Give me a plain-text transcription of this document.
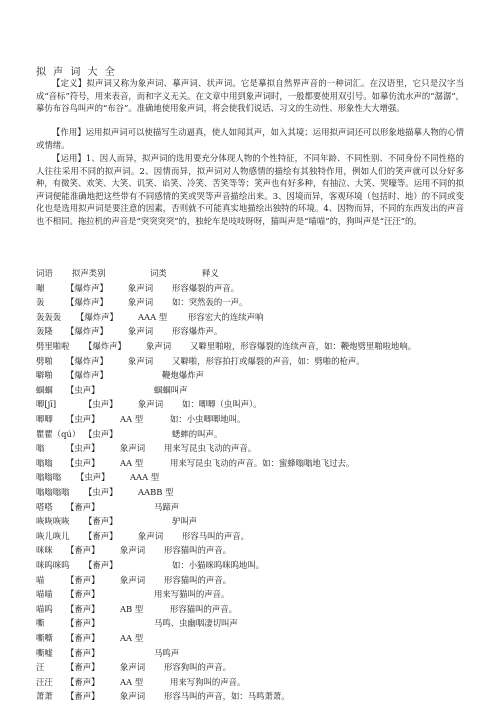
拟 声 词 大 全

【定义】拟声词又称为象声词、摹声词、状声词。它是摹拟自然界声音的一种词汇。在汉语里，它只是汉字当成“音标”符号，用来表音，而和字义无关。在文章中用到象声词时，一般都要使用双引号。如摹仿流水声的“潺潺”，摹仿布谷鸟叫声的“布谷”。准确地使用象声词，将会使我们说话、习文的生动性、形象性大大增强。

【作用】运用拟声词可以使描写生动逼真，使人如闻其声，如入其境；运用拟声词还可以形象地描摹人物的心情或情绪。

【运用】1、因人而异，拟声词的选用要充分体现人物的个性特征，不同年龄、不同性别、不同身份不同性格的人往往采用不同的拟声词。2、因情而异，拟声词对人物感情的描绘有其独特作用，例如人们的笑声就可以分好多种，有微笑、欢笑、大笑、讥笑、谄笑、冷笑、苦笑等等；笑声也有好多种，有抽泣、大笑、哭嚎等。运用不同的拟声词便能准确地把这些带有不同感情的笑或哭等声音描绘出来。3、因境而异，客观环境（包括时、地）的不同或变化也是选用拟声词是要注意的因素，否则就不可能真实地描绘出独特的环境。4、因物而异，不同的东西发出的声音也不相同。拖拉机的声音是“突突突突”的，独轮车是吱吱呀呀，猫叫声是“喵喵”的，狗叫声是“汪汪”的。

词语 拟声类别	词类	释义
嘣	【爆炸声】 象声词 形容爆裂的声音。
轰	【爆炸声】 象声词 如：突然轰的一声。
轰轰轰 【爆炸声】 AAA 型 形容宏大的连续声响
轰隆 【爆炸声】 象声词 形容爆炸声。
劈里啪啦 【爆炸声】 象声词 又噼里啪啦，形容爆裂的连续声音，如：鞭炮劈里啪啦地响。
劈啪 【爆炸声】 象声词 又噼啪，形容拍打或爆裂的声音，如：劈啪的枪声。
噼啪 【爆炸声】	鞭炮爆炸声
蝈蝈 【虫声】	蝈蝈叫声
唧[jī]	【虫声】 象声词 如：唧唧（虫叫声）。
唧唧 【虫声】 AA 型	如：小虫唧唧地叫。
瞿瞿（qú） 【虫声】	蟋蟀的叫声。
嗡	【虫声】 象声词 用来写昆虫飞动的声音。
嗡嗡 【虫声】 AA 型	用来写昆虫飞动的声音。如：蜜蜂嗡嗡地飞过去。
嗡嗡嗡 【虫声】 AAA 型
嗡嗡嗡嗡 【虫声】 AABB 型
嗒嗒 【畜声】	马蹄声
咴咴咴咴 【畜声】	驴叫声
咴儿咴儿 【畜声】 象声词 形容马叫的声音。
咪咪 【畜声】 象声词 形容猫叫的声音。
咪呜咪呜 【畜声】	如：小猫咪呜咪呜地叫。
喵	【畜声】 象声词 形容猫叫的声音。
喵喵 【畜声】	用来写猫叫的声音。
喵呜 【畜声】 AB 型	形容猫叫的声音。
嘶	【畜声】	马鸣、虫幽咽凄切叫声
嘶嘶 【畜声】 AA 型
嘶嘘 【畜声】	马鸣声
汪	【畜声】 象声词 形容狗叫的声音。
汪汪 【畜声】 AA 型	用来写狗叫的声音。
萧萧 【畜声】 象声词 形容马叫的声音，如：马鸣萧萧。
